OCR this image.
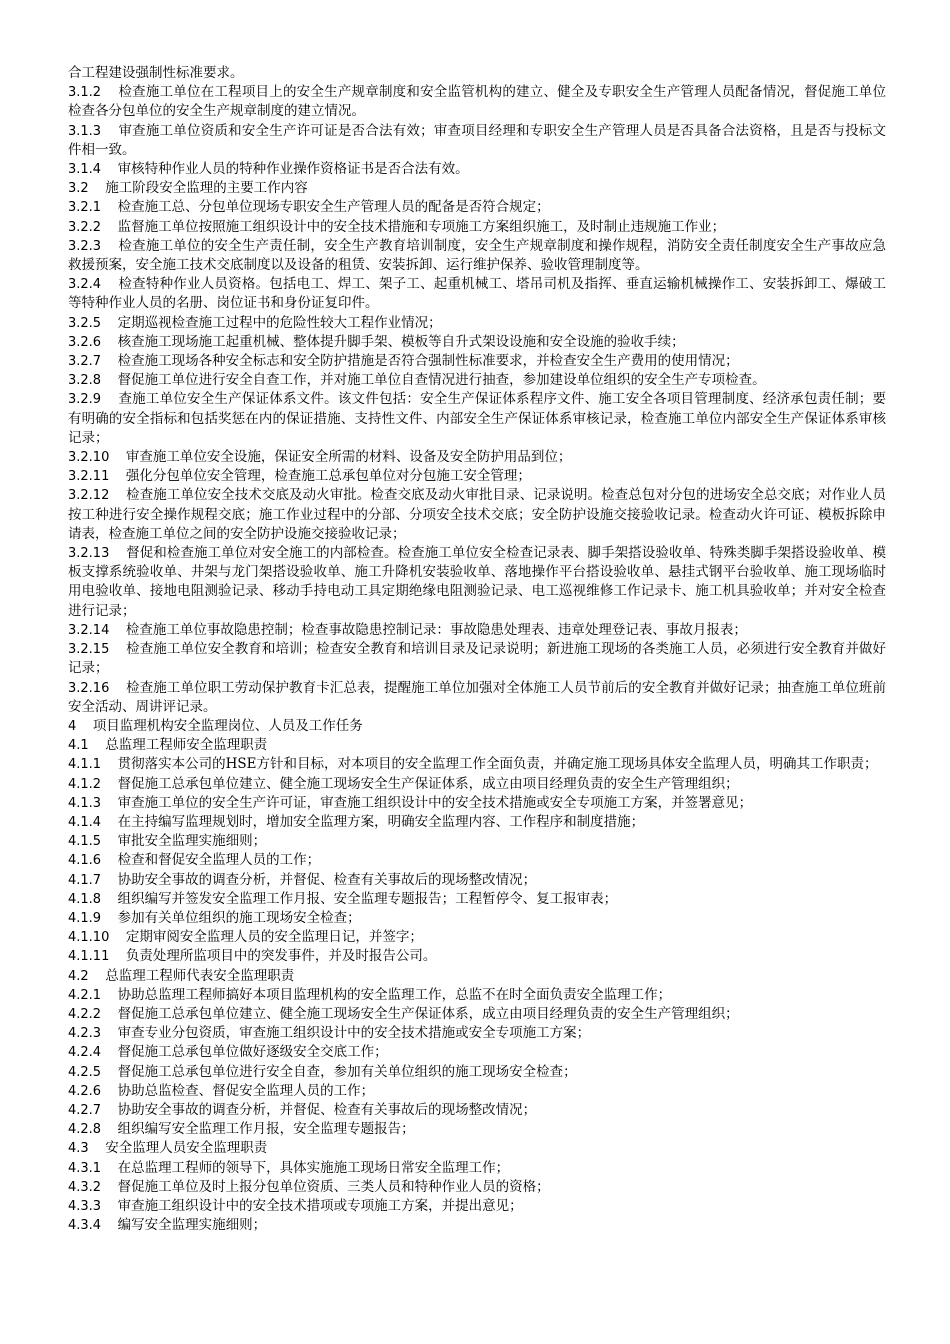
合工程建设强制性标准要求。

3.1.2 检查施工单位在工程项目上的安全生产规章制度和安全监管机构的建立、健全及专职安全生产管理人员配备情况，督促施工单位检查各分包单位的安全生产规章制度的建立情况。

3.1.3 审查施工单位资质和安全生产许可证是否合法有效；审查项目经理和专职安全生产管理人员是否具备合法资格，且是否与投标文件相一致。

3.1.4 审核特种作业人员的特种作业操作资格证书是否合法有效。

3.2 施工阶段安全监理的主要工作内容

3.2.1 检查施工总、分包单位现场专职安全生产管理人员的配备是否符合规定；

3.2.2 监督施工单位按照施工组织设计中的安全技术措施和专项施工方案组织施工，及时制止违规施工作业；

3.2.3 检查施工单位的安全生产责任制，安全生产教育培训制度，安全生产规章制度和操作规程，消防安全责任制度安全生产事故应急救援预案，安全施工技术交底制度以及设备的租赁、安装拆卸、运行维护保养、验收管理制度等。

3.2.4 检查特种作业人员资格。包括电工、焊工、架子工、起重机械工、塔吊司机及指挥、垂直运输机械操作工、安装拆卸工、爆破工等特种作业人员的名册、岗位证书和身份证复印件。

3.2.5 定期巡视检查施工过程中的危险性较大工程作业情况；

3.2.6 核查施工现场施工起重机械、整体提升脚手架、模板等自升式架设设施和安全设施的验收手续；

3.2.7 检查施工现场各种安全标志和安全防护措施是否符合强制性标准要求，并检查安全生产费用的使用情况；

3.2.8 督促施工单位进行安全自查工作，并对施工单位自查情况进行抽查，参加建设单位组织的安全生产专项检查。

3.2.9 查施工单位安全生产保证体系文件。该文件包括：安全生产保证体系程序文件、施工安全各项目管理制度、经济承包责任制；要有明确的安全指标和包括奖惩在内的保证措施、支持性文件、内部安全生产保证体系审核记录，检查施工单位内部安全生产保证体系审核记录；

3.2.10 审查施工单位安全设施，保证安全所需的材料、设备及安全防护用品到位；

3.2.11 强化分包单位安全管理，检查施工总承包单位对分包施工安全管理；

3.2.12 检查施工单位安全技术交底及动火审批。检查交底及动火审批目录、记录说明。检查总包对分包的进场安全总交底；对作业人员按工种进行安全操作规程交底；施工作业过程中的分部、分项安全技术交底；安全防护设施交接验收记录。检查动火许可证、模板拆除申请表，检查施工单位之间的安全防护设施交接验收记录；

3.2.13 督促和检查施工单位对安全施工的内部检查。检查施工单位安全检查记录表、脚手架搭设验收单、特殊类脚手架搭设验收单、模板支撑系统验收单、井架与龙门架搭设验收单、施工升降机安装验收单、落地操作平台搭设验收单、悬挂式钢平台验收单、施工现场临时用电验收单、接地电阻测验记录、移动手持电动工具定期绝缘电阻测验记录、电工巡视维修工作记录卡、施工机具验收单；并对安全检查进行记录；

3.2.14 检查施工单位事故隐患控制；检查事故隐患控制记录：事故隐患处理表、违章处理登记表、事故月报表；

3.2.15 检查施工单位安全教育和培训；检查安全教育和培训目录及记录说明；新进施工现场的各类施工人员，必须进行安全教育并做好记录；

3.2.16 检查施工单位职工劳动保护教育卡汇总表，提醒施工单位加强对全体施工人员节前后的安全教育并做好记录；抽查施工单位班前安全活动、周讲评记录。

4 项目监理机构安全监理岗位、人员及工作任务

4.1 总监理工程师安全监理职责

4.1.1 贯彻落实本公司的HSE方针和目标，对本项目的安全监理工作全面负责，并确定施工现场具体安全监理人员，明确其工作职责；

4.1.2 督促施工总承包单位建立、健全施工现场安全生产保证体系，成立由项目经理负责的安全生产管理组织；

4.1.3 审查施工单位的安全生产许可证，审查施工组织设计中的安全技术措施或安全专项施工方案，并签署意见；

4.1.4 在主持编写监理规划时，增加安全监理方案，明确安全监理内容、工作程序和制度措施；

4.1.5 审批安全监理实施细则；

4.1.6 检查和督促安全监理人员的工作；

4.1.7 协助安全事故的调查分析，并督促、检查有关事故后的现场整改情况；

4.1.8 组织编写并签发安全监理工作月报、安全监理专题报告；工程暂停令、复工报审表；

4.1.9 参加有关单位组织的施工现场安全检查；

4.1.10 定期审阅安全监理人员的安全监理日记，并签字；

4.1.11 负责处理所监项目中的突发事件，并及时报告公司。

4.2 总监理工程师代表安全监理职责

4.2.1 协助总监理工程师搞好本项目监理机构的安全监理工作，总监不在时全面负责安全监理工作；

4.2.2 督促施工总承包单位建立、健全施工现场安全生产保证体系，成立由项目经理负责的安全生产管理组织；

4.2.3 审查专业分包资质，审查施工组织设计中的安全技术措施或安全专项施工方案；

4.2.4 督促施工总承包单位做好逐级安全交底工作；

4.2.5 督促施工总承包单位进行安全自查，参加有关单位组织的施工现场安全检查；

4.2.6 协助总监检查、督促安全监理人员的工作；

4.2.7 协助安全事故的调查分析，并督促、检查有关事故后的现场整改情况；

4.2.8 组织编写安全监理工作月报，安全监理专题报告；

4.3 安全监理人员安全监理职责

4.3.1 在总监理工程师的领导下，具体实施施工现场日常安全监理工作；

4.3.2 督促施工单位及时上报分包单位资质、三类人员和特种作业人员的资格；

4.3.3 审查施工组织设计中的安全技术措项或专项施工方案，并提出意见；

4.3.4 编写安全监理实施细则；
